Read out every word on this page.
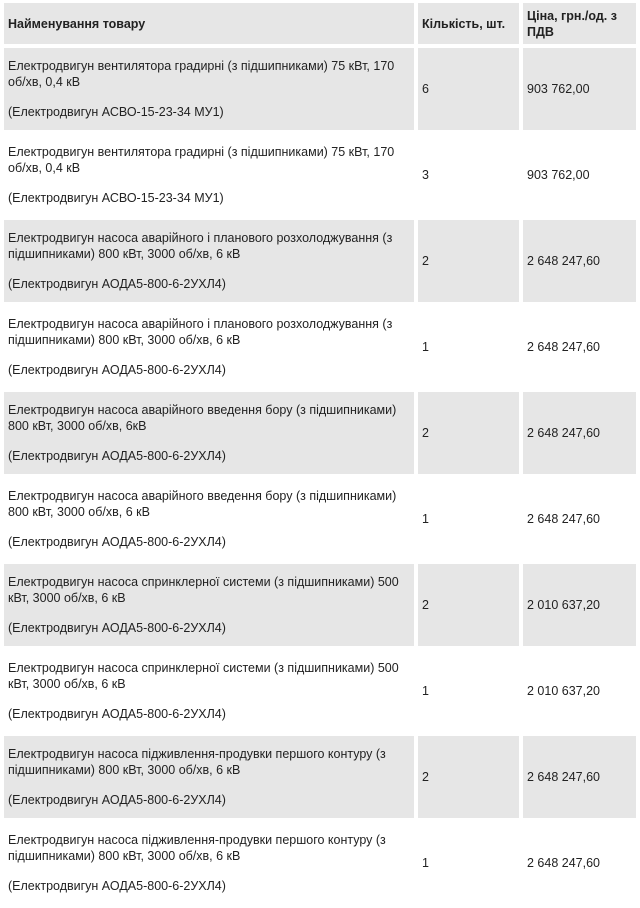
Найменування товару	Кількість, шт.	Ціна, грн./од. з ПДВ

Електродвигун вентилятора градирні (з підшипниками) 75 кВт, 170 об/хв, 0,4 кВ
(Електродвигун АСВО-15-23-34 МУ1)	6	903 762,00

Електродвигун вентилятора градирні (з підшипниками) 75 кВт, 170 об/хв, 0,4 кВ
(Електродвигун АСВО-15-23-34 МУ1)	3	903 762,00

Електродвигун насоса аварійного і планового розхолоджування (з підшипниками) 800 кВт, 3000 об/хв, 6 кВ
(Електродвигун АОДА5-800-6-2УХЛ4)	2	2 648 247,60

Електродвигун насоса аварійного і планового розхолоджування (з підшипниками) 800 кВт, 3000 об/хв, 6 кВ
(Електродвигун АОДА5-800-6-2УХЛ4)	1	2 648 247,60

Електродвигун насоса аварійного введення бору (з підшипниками) 800 кВт, 3000 об/хв, 6кВ
(Електродвигун АОДА5-800-6-2УХЛ4)	2	2 648 247,60

Електродвигун насоса аварійного введення бору (з підшипниками) 800 кВт, 3000 об/хв, 6 кВ
(Електродвигун АОДА5-800-6-2УХЛ4)	1	2 648 247,60

Електродвигун насоса спринклерної системи (з підшипниками) 500 кВт, 3000 об/хв, 6 кВ
(Електродвигун АОДА5-800-6-2УХЛ4)	2	2 010 637,20

Електродвигун насоса спринклерної системи (з підшипниками) 500 кВт, 3000 об/хв, 6 кВ
(Електродвигун АОДА5-800-6-2УХЛ4)	1	2 010 637,20

Електродвигун насоса підживлення-продувки першого контуру (з підшипниками) 800 кВт, 3000 об/хв, 6 кВ
(Електродвигун АОДА5-800-6-2УХЛ4)	2	2 648 247,60

Електродвигун насоса підживлення-продувки першого контуру (з підшипниками) 800 кВт, 3000 об/хв, 6 кВ
(Електродвигун АОДА5-800-6-2УХЛ4)	1	2 648 247,60
